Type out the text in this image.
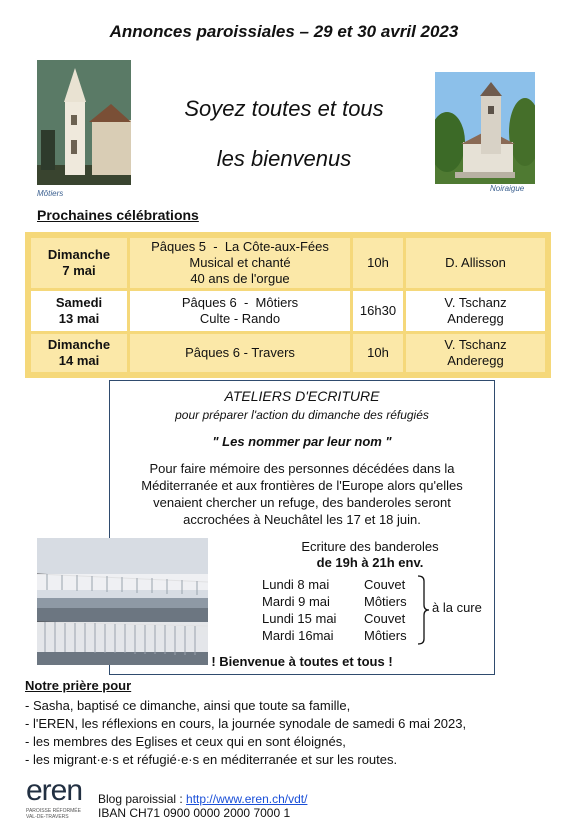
Annonces paroissiales – 29 et 30 avril 2023
Môtiers
Noiraigue
Soyez toutes et tous
les bienvenus
Prochaines célébrations
Dimanche
7 mai
Pâques 5  -  La Côte-aux-Fées
Musical et chanté
40 ans de l'orgue
10h	D. Allisson
Samedi
13 mai
Pâques 6  -  Môtiers
Culte - Rando
16h30
V. Tschanz
Anderegg
Dimanche
14 mai
Pâques 6 - Travers	10h
V. Tschanz
Anderegg
ATELIERS D'ECRITURE
pour préparer l'action du dimanche des réfugiés
" Les nommer par leur nom "
Pour faire mémoire des personnes décédées dans la
Méditerranée et aux frontières de l'Europe alors qu'elles
venaient chercher un refuge, des banderoles seront
accrochées à Neuchâtel les 17 et 18 juin.
Ecriture des banderoles
de 19h à 21h env.
Lundi 8 mai
Mardi 9 mai
Lundi 15 mai
Mardi 16mai
Couvet
Môtiers
Couvet
Môtiers
à la cure
! Bienvenue à toutes et tous !
Notre prière pour
- Sasha, baptisé ce dimanche, ainsi que toute sa famille,
- l'EREN, les réflexions en cours, la journée synodale de samedi 6 mai 2023,
- les membres des Eglises et ceux qui en sont éloignés,
- les migrant·e·s et réfugié·e·s en méditerranée et sur les routes.
eren
PAROISSE RÉFORMÉE
VAL-DE-TRAVERS
Blog paroissial : http://www.eren.ch/vdt/
IBAN CH71 0900 0000 2000 7000 1
